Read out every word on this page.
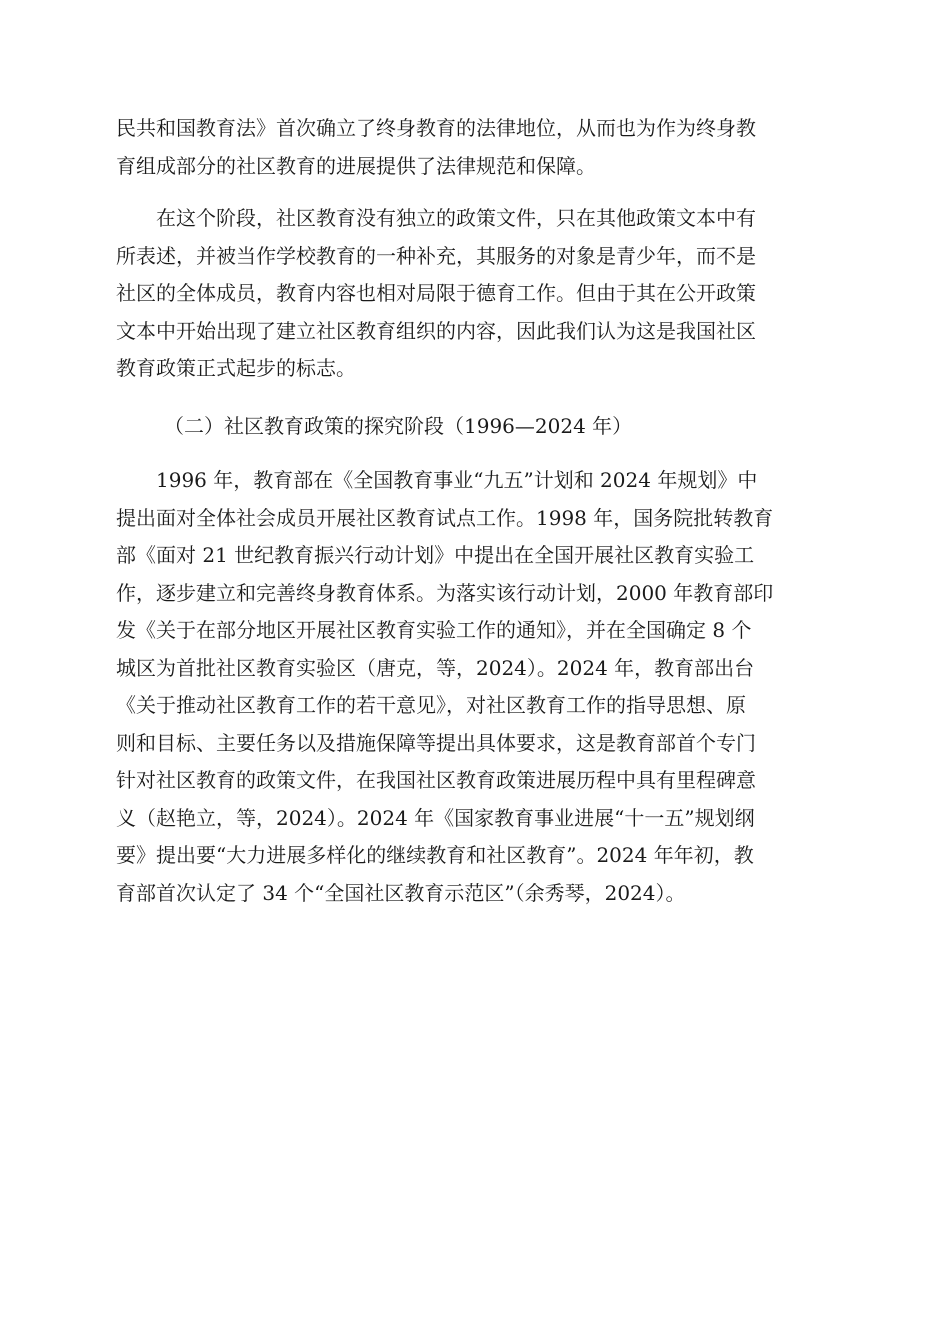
民共和国教育法》首次确立了终身教育的法律地位，从而也为作为终身教
育组成部分的社区教育的进展提供了法律规范和保障。
在这个阶段，社区教育没有独立的政策文件，只在其他政策文本中有
所表述，并被当作学校教育的一种补充，其服务的对象是青少年，而不是
社区的全体成员，教育内容也相对局限于德育工作。但由于其在公开政策
文本中开始出现了建立社区教育组织的内容，因此我们认为这是我国社区
教育政策正式起步的标志。
（二）社区教育政策的探究阶段（1996—2024 年）
1996 年，教育部在《全国教育事业“九五”计划和 2024 年规划》中
提出面对全体社会成员开展社区教育试点工作。1998 年，国务院批转教育
部《面对 21 世纪教育振兴行动计划》中提出在全国开展社区教育实验工
作，逐步建立和完善终身教育体系。为落实该行动计划，2000 年教育部印
发《关于在部分地区开展社区教育实验工作的通知》，并在全国确定 8 个
城区为首批社区教育实验区（唐克，等，2024）。2024 年，教育部出台
《关于推动社区教育工作的若干意见》，对社区教育工作的指导思想、原
则和目标、主要任务以及措施保障等提出具体要求，这是教育部首个专门
针对社区教育的政策文件，在我国社区教育政策进展历程中具有里程碑意
义（赵艳立，等，2024）。2024 年《国家教育事业进展“十一五”规划纲
要》提出要“大力进展多样化的继续教育和社区教育”。2024 年年初，教
育部首次认定了 34 个“全国社区教育示范区”（余秀琴，2024）。
